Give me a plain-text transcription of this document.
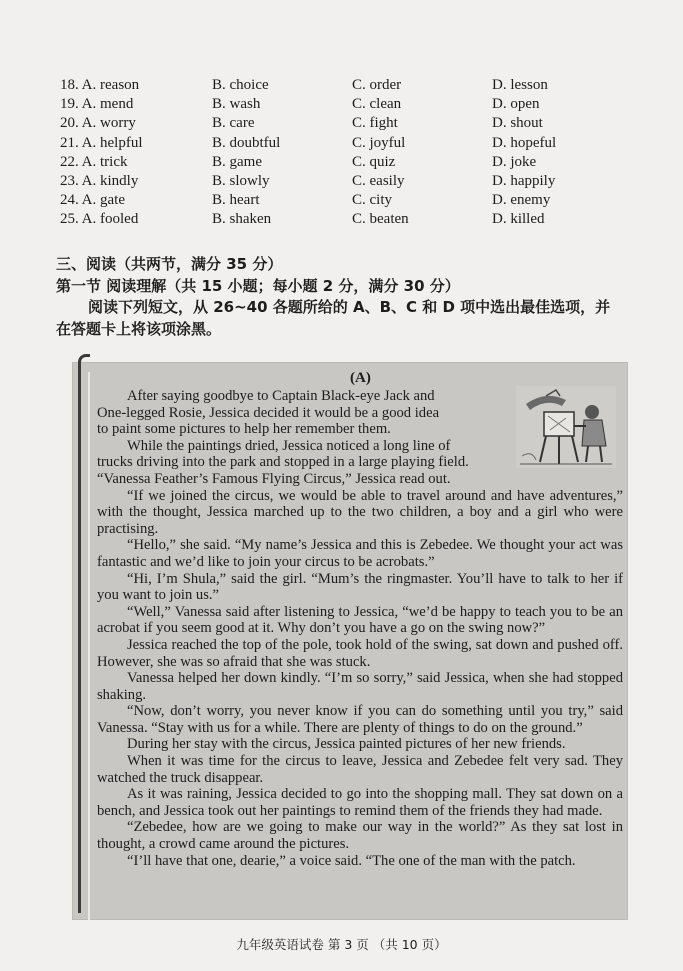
18. A. reason	B. choice	C. order	D. lesson
19. A. mend	B. wash	C. clean	D. open
20. A. worry	B. care	C. fight	D. shout
21. A. helpful	B. doubtful	C. joyful	D. hopeful
22. A. trick	B. game	C. quiz	D. joke
23. A. kindly	B. slowly	C. easily	D. happily
24. A. gate	B. heart	C. city	D. enemy
25. A. fooled	B. shaken	C. beaten	D. killed
三、阅读（共两节，满分 35 分）
第一节 阅读理解（共 15 小题；每小题 2 分，满分 30 分）
阅读下列短文，从 26~40 各题所给的 A、B、C 和 D 项中选出最佳选项，并
在答题卡上将该项涂黑。
(A)

After saying goodbye to Captain Black-eye Jack and

One-legged Rosie, Jessica decided it would be a good idea

to paint some pictures to help her remember them.

While the paintings dried, Jessica noticed a long line of

trucks driving into the park and stopped in a large playing field.

“Vanessa Feather’s Famous Flying Circus,” Jessica read out.

“If we joined the circus, we would be able to travel around and have adventures,” with the thought, Jessica marched up to the two children, a boy and a girl who were practising.

“Hello,” she said. “My name’s Jessica and this is Zebedee. We thought your act was fantastic and we’d like to join your circus to be acrobats.”

“Hi, I’m Shula,” said the girl. “Mum’s the ringmaster. You’ll have to talk to her if you want to join us.”

“Well,” Vanessa said after listening to Jessica, “we’d be happy to teach you to be an acrobat if you seem good at it. Why don’t you have a go on the swing now?”

Jessica reached the top of the pole, took hold of the swing, sat down and pushed off. However, she was so afraid that she was stuck.

Vanessa helped her down kindly. “I’m so sorry,” said Jessica, when she had stopped shaking.

“Now, don’t worry, you never know if you can do something until you try,” said Vanessa. “Stay with us for a while. There are plenty of things to do on the ground.”

During her stay with the circus, Jessica painted pictures of her new friends.

When it was time for the circus to leave, Jessica and Zebedee felt very sad. They watched the truck disappear.

As it was raining, Jessica decided to go into the shopping mall. They sat down on a bench, and Jessica took out her paintings to remind them of the friends they had made.

“Zebedee, how are we going to make our way in the world?” As they sat lost in thought, a crowd came around the pictures.

“I’ll have that one, dearie,” a voice said. “The one of the man with the patch.

九年级英语试卷 第 3 页 （共 10 页）
